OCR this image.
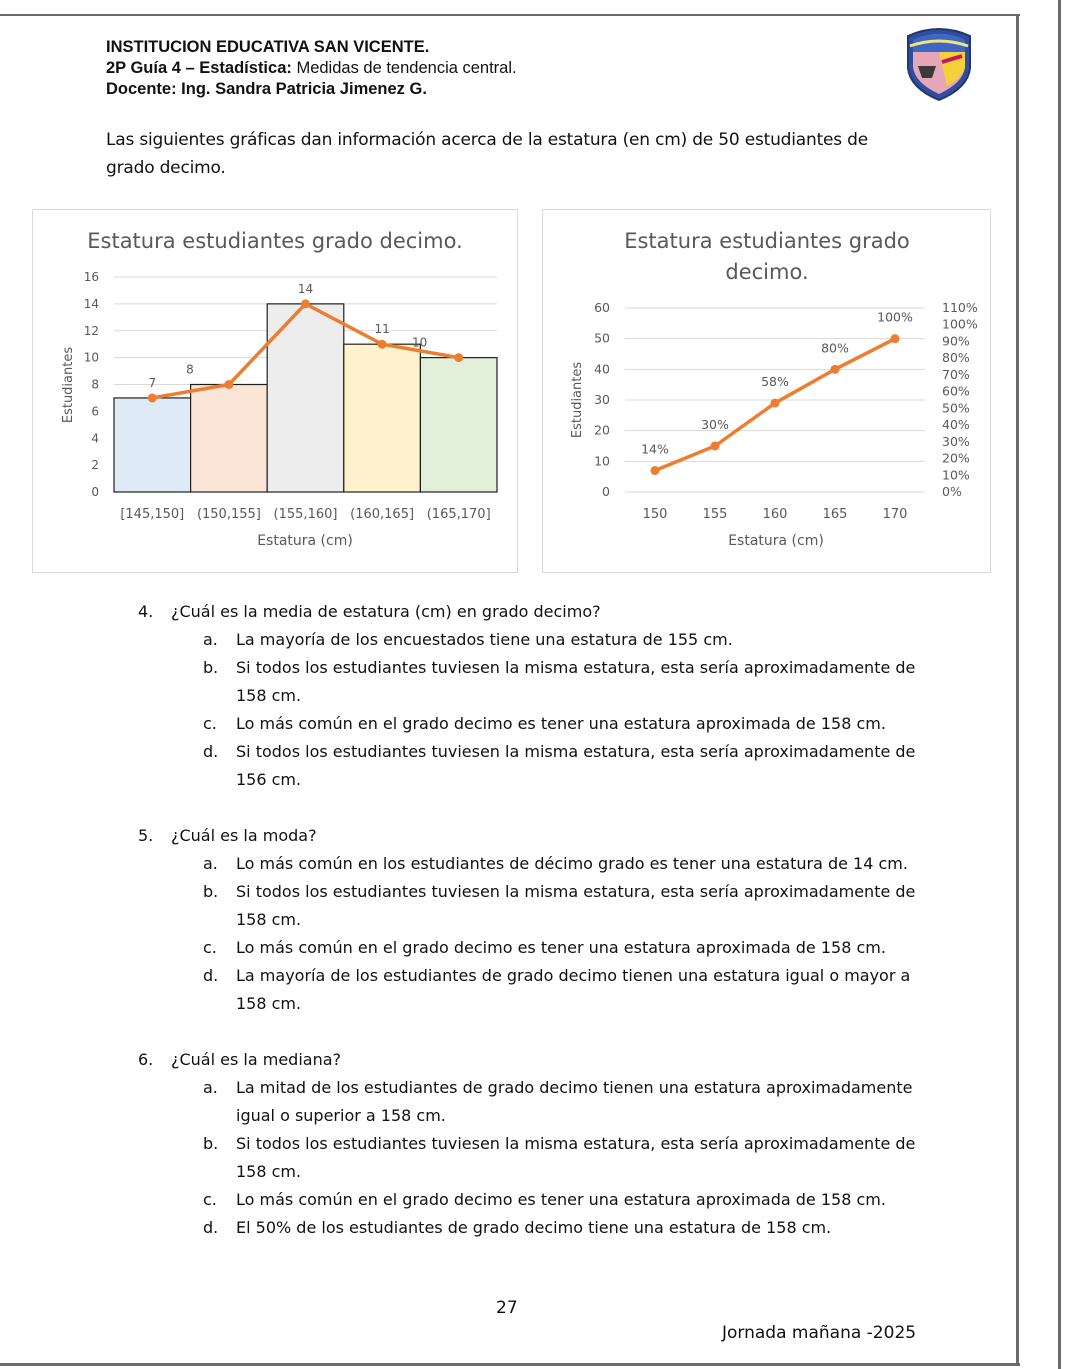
INSTITUCION EDUCATIVA SAN VICENTE.
2P Guía 4 – Estadística: Medidas de tendencia central.
Docente: Ing. Sandra Patricia Jimenez G.
Las siguientes gráficas dan información acerca de la estatura (en cm) de 50 estudiantes de grado decimo.
Estatura estudiantes grado decimo.
0
2
4
6
8
10
12
14
16
[145,150] (150,155] (155,160] (160,165] (165,170]
7
8
14
11
10
Estatura (cm)
Estudiantes
Estatura estudiantes grado
decimo.
0
10
20
30
40
50
60
0%
10%
20%
30%
40%
50%
60%
70%
80%
90%
100%
110%
150	155	160	165	170
14%
30%
58%
80%
100%
Estatura (cm)
Estudiantes
4. ¿Cuál es la media de estatura (cm) en grado decimo?
a. La mayoría de los encuestados tiene una estatura de 155 cm.
b. Si todos los estudiantes tuviesen la misma estatura, esta sería aproximadamente de
158 cm.
c. Lo más común en el grado decimo es tener una estatura aproximada de 158 cm.
d. Si todos los estudiantes tuviesen la misma estatura, esta sería aproximadamente de
156 cm.
5. ¿Cuál es la moda?
a. Lo más común en los estudiantes de décimo grado es tener una estatura de 14 cm.
b. Si todos los estudiantes tuviesen la misma estatura, esta sería aproximadamente de
158 cm.
c. Lo más común en el grado decimo es tener una estatura aproximada de 158 cm.
d. La mayoría de los estudiantes de grado decimo tienen una estatura igual o mayor a
158 cm.
6. ¿Cuál es la mediana?
a. La mitad de los estudiantes de grado decimo tienen una estatura aproximadamente
igual o superior a 158 cm.
b. Si todos los estudiantes tuviesen la misma estatura, esta sería aproximadamente de
158 cm.
c. Lo más común en el grado decimo es tener una estatura aproximada de 158 cm.
d. El 50% de los estudiantes de grado decimo tiene una estatura de 158 cm.
27
Jornada mañana -2025
